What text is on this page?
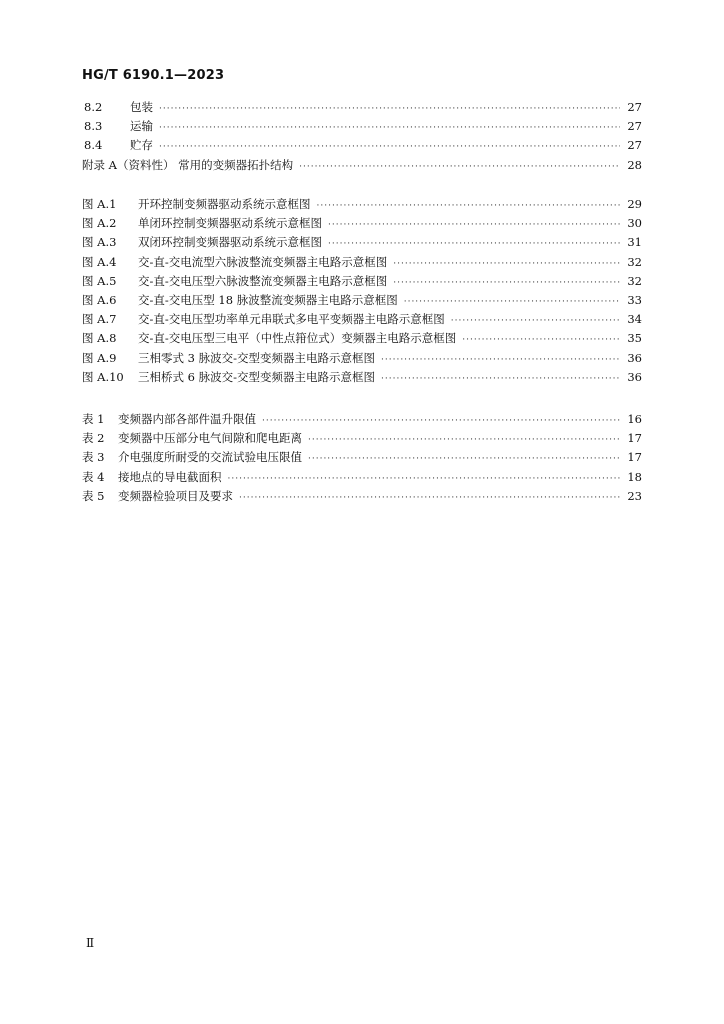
HG/T 6190.1—2023
8.2	包装 ·····	27
8.3	运输 ·····	27
8.4	贮存 ·····	27
附录 A（资料性） 常用的变频器拓扑结构 ·····	28
图 A.1	开环控制变频器驱动系统示意框图 ·····	29
图 A.2	单闭环控制变频器驱动系统示意框图 ·····	30
图 A.3	双闭环控制变频器驱动系统示意框图 ·····	31
图 A.4	交-直-交电流型六脉波整流变频器主电路示意框图 ·····	32
图 A.5	交-直-交电压型六脉波整流变频器主电路示意框图 ·····	32
图 A.6	交-直-交电压型 18 脉波整流变频器主电路示意框图 ·····	33
图 A.7	交-直-交电压型功率单元串联式多电平变频器主电路示意框图 ·····	34
图 A.8	交-直-交电压型三电平（中性点箝位式）变频器主电路示意框图 ·····	35
图 A.9	三相零式 3 脉波交-交型变频器主电路示意框图 ·····	36
图 A.10	三相桥式 6 脉波交-交型变频器主电路示意框图 ·····	36
表 1	变频器内部各部件温升限值 ·····	16
表 2	变频器中压部分电气间隙和爬电距离 ·····	17
表 3	介电强度所耐受的交流试验电压限值 ·····	17
表 4	接地点的导电截面积 ·····	18
表 5	变频器检验项目及要求 ·····	23
Ⅱ
